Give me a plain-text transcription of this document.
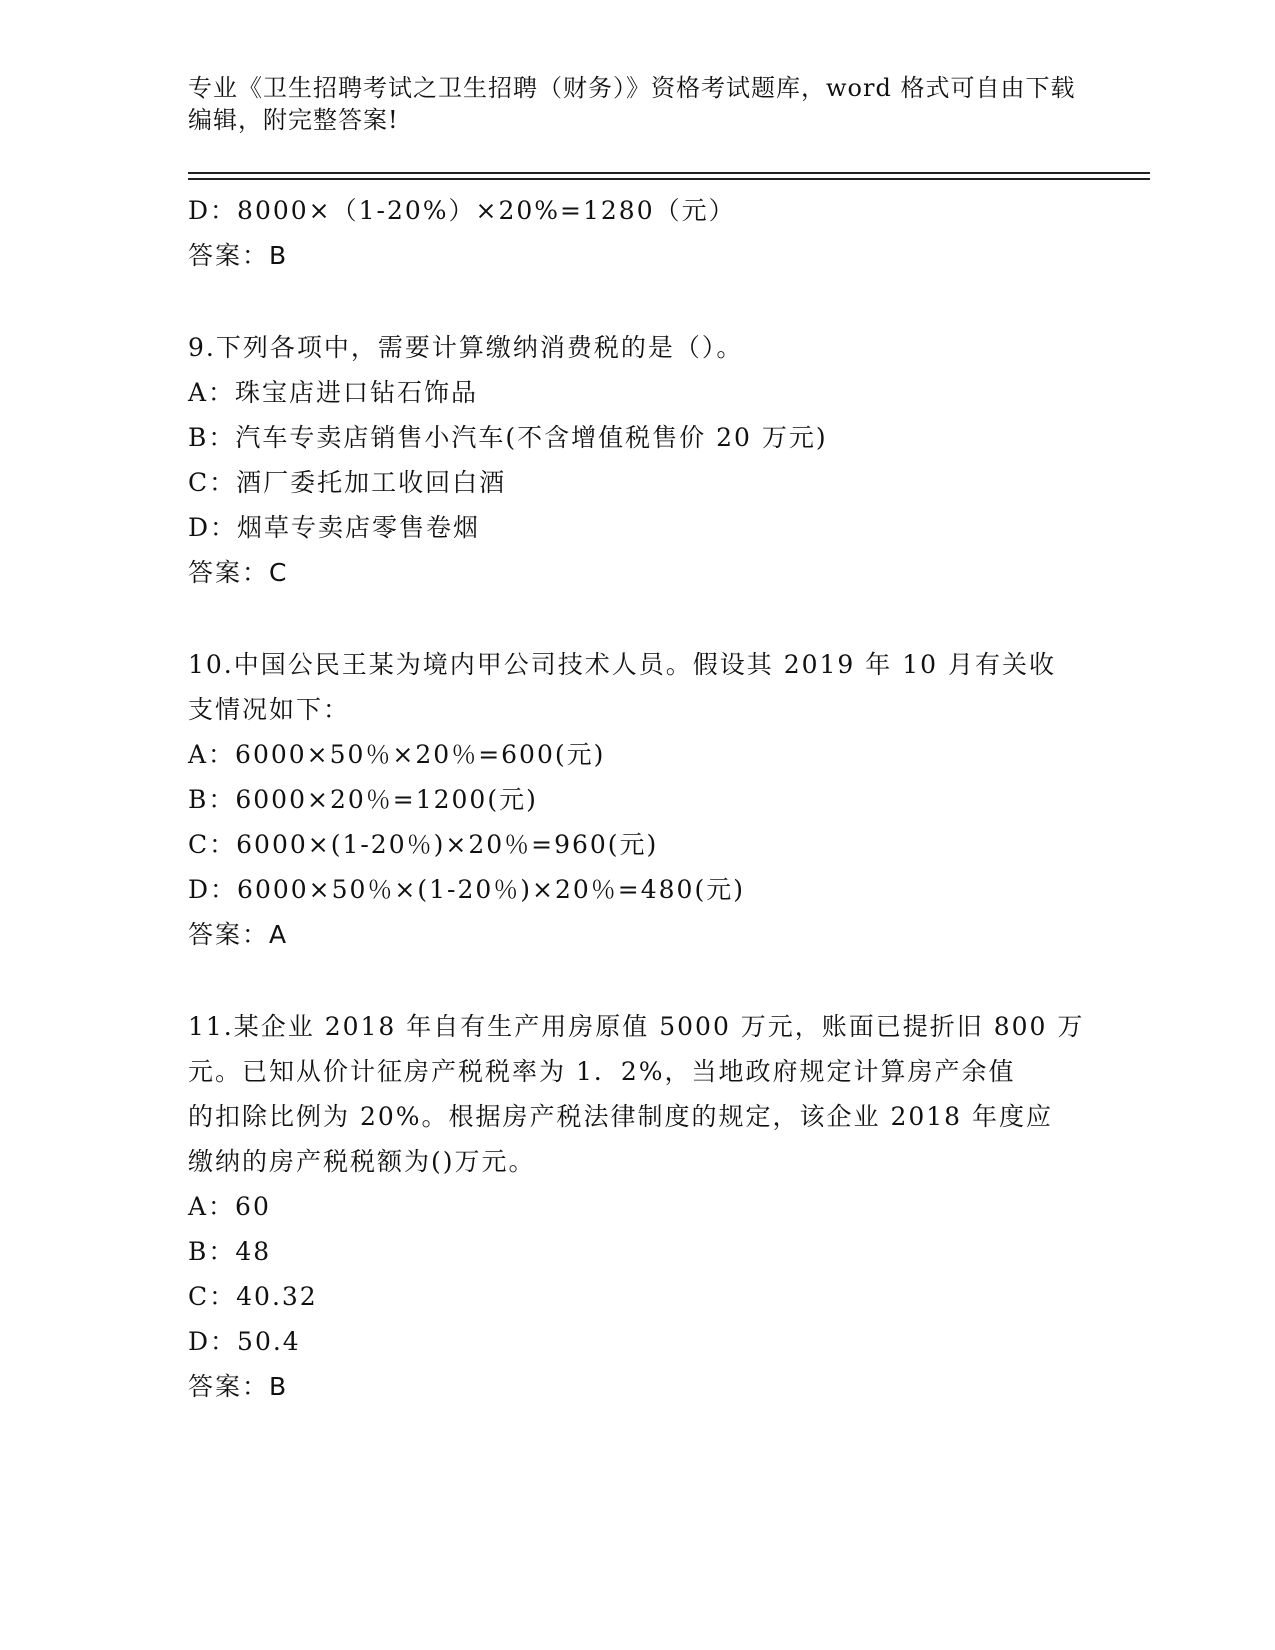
专业《卫生招聘考试之卫生招聘（财务）》资格考试题库，word 格式可自由下载
编辑，附完整答案!
D：8000×（1-20%）×20%=1280（元）
答案：B
9.下列各项中，需要计算缴纳消费税的是（）。
A：珠宝店进口钻石饰品
B：汽车专卖店销售小汽车(不含增值税售价 20 万元)
C：酒厂委托加工收回白酒
D：烟草专卖店零售卷烟
答案：C
10.中国公民王某为境内甲公司技术人员。假设其 2019 年 10 月有关收
支情况如下：
A：6000×50％×20％=600(元)
B：6000×20％=1200(元)
C：6000×(1-20％)×20％=960(元)
D：6000×50％×(1-20％)×20％=480(元)
答案：A
11.某企业 2018 年自有生产用房原值 5000 万元，账面已提折旧 800 万
元。已知从价计征房产税税率为 1．2%，当地政府规定计算房产余值
的扣除比例为 20%。根据房产税法律制度的规定，该企业 2018 年度应
缴纳的房产税税额为()万元。
A：60
B：48
C：40.32
D：50.4
答案：B
